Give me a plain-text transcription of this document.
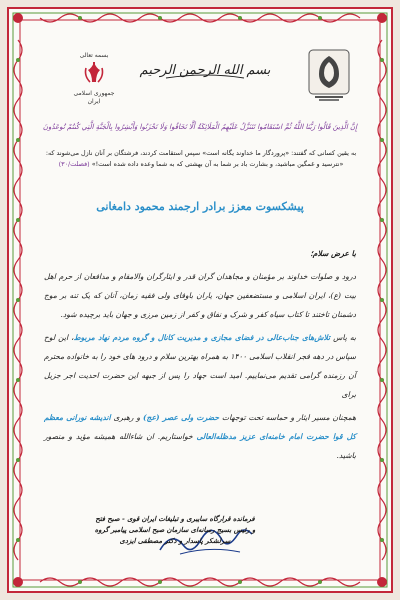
بسم الله الرحمن الرحیم
بسمه تعالی
جمهوری اسلامی ایران
إِنَّ الَّذِينَ قَالُوا رَبُّنَا اللَّهُ ثُمَّ اسْتَقَامُوا تَتَنَزَّلُ عَلَيْهِمُ الْمَلَائِكَةُ أَلَّا تَخَافُوا وَلَا تَحْزَنُوا وَأَبْشِرُوا بِالْجَنَّةِ الَّتِي كُنتُمْ تُوعَدُونَ
به یقین کسانی که گفتند: «پروردگار ما خداوند یگانه است» سپس استقامت کردند، فرشتگان بر آنان نازل می‌شوند که: «نترسید و غمگین مباشید، و بشارت باد بر شما به آن بهشتی که به شما وعده داده شده است!» (فصلت/۳۰)
پیشکسوت معزز برادر ارجمند محمود دامغانی

با عرض سلام؛

درود و صلوات خداوند بر مؤمنان و مجاهدان گران قدر و ایثارگران والامقام و مدافعان از حرم اهل بیت (ع)، ایران اسلامی و مستضعفین جهان، یاران باوفای ولی فقیه زمان، آنان که یک تنه بر موج دشمنان تاختند تا کتاب سیاه کفر و شرک و نفاق و کفر از زمین مرزی و جهان باید برچیده شود.

به پاس تلاش‌های جناب‌عالی در فضای مجازی و مدیریت کانال و گروه مردم نهاد مربوط، این لوح سپاس در دهه فجر انقلاب اسلامی ۱۴۰۰ به همراه بهترین سلام و درود های خود را به خانواده محترم آن رزمنده گرامی تقدیم می‌نماییم. امید است جهاد را پس از جبهه این حضرت احدیت اجر جزیل برای

همچنان مسیر ایثار و حماسه تحت توجهات حضرت ولی عصر (عج) و رهبری اندیشه نورانی معظم کل قوا حضرت امام خامنه‌ای عزیز مدظله‌العالی خواستاریم. ان شاءالله همیشه مؤید و منصور باشید.

فرمانده قرارگاه سایبری و تبلیغات ایران قوی - صبح فتح
و رئیس بسیج رسانه‌ای سازمان صبح اسلامی پیامبر گروه
سرلشکر پاسدار و دکتر مصطفی ایزدی
